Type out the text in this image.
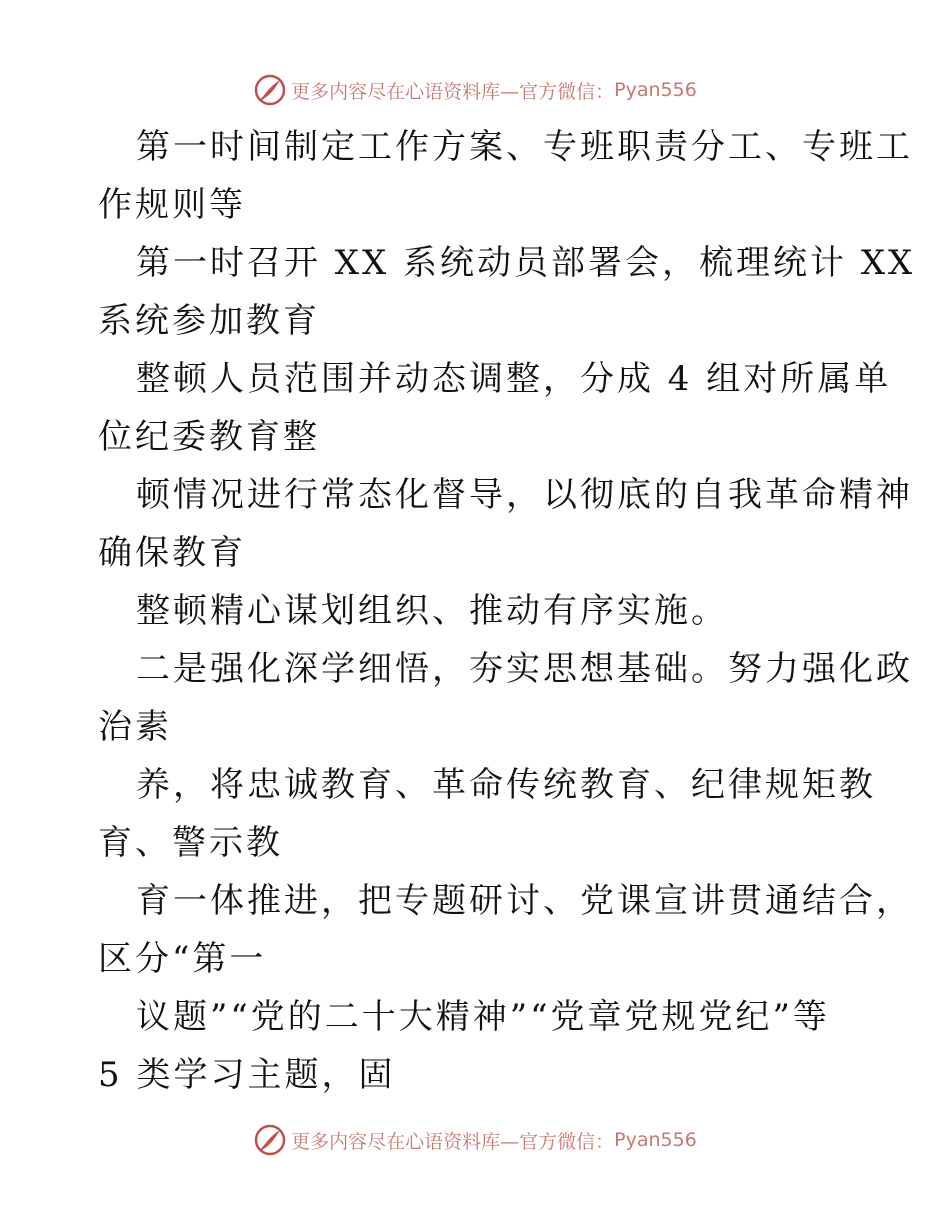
更多内容尽在心语资料库—官方微信： Pyan556
第一时间制定工作方案、专班职责分工、专班工
作规则等
第一时召开 XX 系统动员部署会，梳理统计 XX
系统参加教育
整顿人员范围并动态调整，分成 4 组对所属单
位纪委教育整
顿情况进行常态化督导，以彻底的自我革命精神
确保教育
整顿精心谋划组织、推动有序实施。
二是强化深学细悟，夯实思想基础。努力强化政
治素
养，将忠诚教育、革命传统教育、纪律规矩教
育、警示教
育一体推进，把专题研讨、党课宣讲贯通结合，
区分“第一
议题”“党的二十大精神”“党章党规党纪”等
5 类学习主题，固
更多内容尽在心语资料库—官方微信： Pyan556
